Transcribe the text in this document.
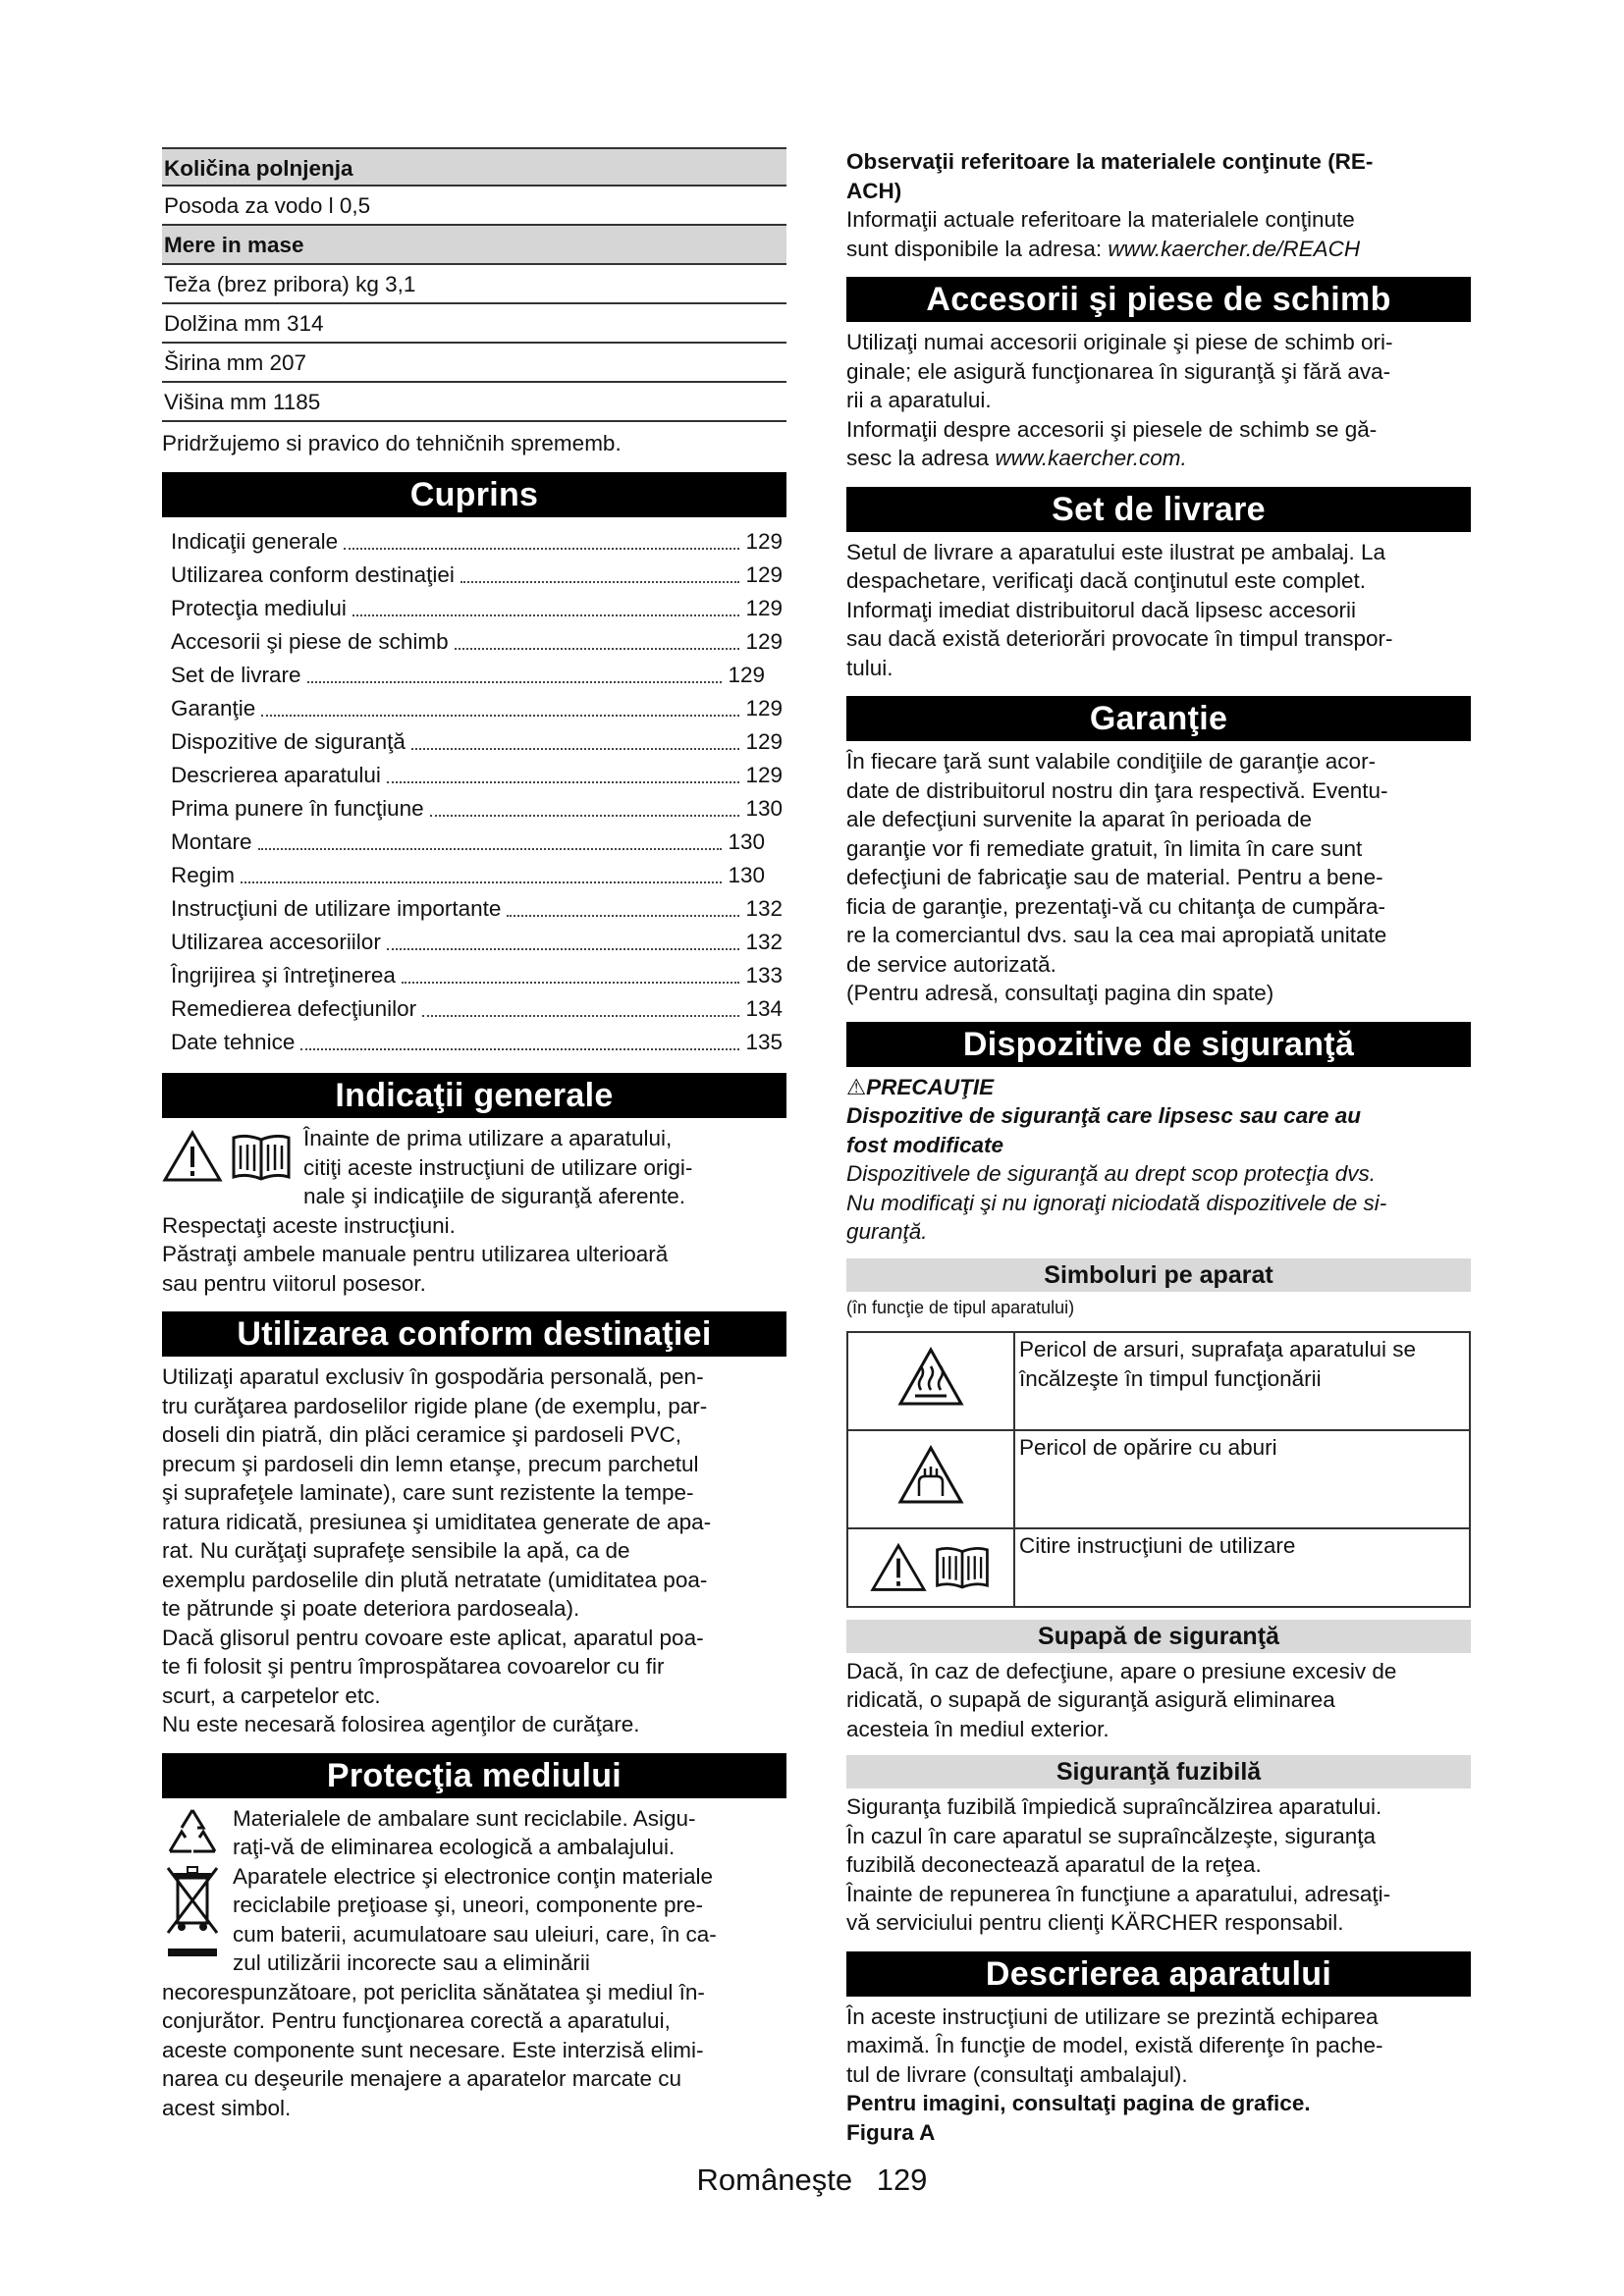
Količina polnjenja
Posoda za vodo l 0,5
Mere in mase
Teža (brez pribora) kg 3,1
Dolžina mm 314
Širina mm 207
Višina mm 1185
Pridržujemo si pravico do tehničnih sprememb.
Cuprins
Indicaţii generale	129
Utilizarea conform destinaţiei	129
Protecţia mediului	129
Accesorii şi piese de schimb	129
Set de livrare	129
Garanţie	129
Dispozitive de siguranţă	129
Descrierea aparatului	129
Prima punere în funcţiune	130
Montare	130
Regim	130
Instrucţiuni de utilizare importante	132
Utilizarea accesoriilor	132
Îngrijirea şi întreţinerea	133
Remedierea defecţiunilor	134
Date tehnice	135
Indicaţii generale

Înainte de prima utilizare a aparatului,

citiţi aceste instrucţiuni de utilizare origi-

nale şi indicaţiile de siguranţă aferente.

Respectaţi aceste instrucţiuni.

Păstraţi ambele manuale pentru utilizarea ulterioară

sau pentru viitorul posesor.

Utilizarea conform destinaţiei

Utilizaţi aparatul exclusiv în gospodăria personală, pen-

tru curăţarea pardoselilor rigide plane (de exemplu, par-

doseli din piatră, din plăci ceramice şi pardoseli PVC,

precum şi pardoseli din lemn etanşe, precum parchetul

şi suprafeţele laminate), care sunt rezistente la tempe-

ratura ridicată, presiunea şi umiditatea generate de apa-

rat. Nu curăţaţi suprafeţe sensibile la apă, ca de

exemplu pardoselile din plută netratate (umiditatea poa-

te pătrunde şi poate deteriora pardoseala).

Dacă glisorul pentru covoare este aplicat, aparatul poa-

te fi folosit şi pentru împrospătarea covoarelor cu fir

scurt, a carpetelor etc.

Nu este necesară folosirea agenţilor de curăţare.

Protecţia mediului

Materialele de ambalare sunt reciclabile. Asigu-

raţi-vă de eliminarea ecologică a ambalajului.

Aparatele electrice şi electronice conţin materiale

reciclabile preţioase şi, uneori, componente pre-

cum baterii, acumulatoare sau uleiuri, care, în ca-

zul utilizării incorecte sau a eliminării

necorespunzătoare, pot periclita sănătatea şi mediul în-

conjurător. Pentru funcţionarea corectă a aparatului,

aceste componente sunt necesare. Este interzisă elimi-

narea cu deşeurile menajere a aparatelor marcate cu

acest simbol.

Observaţii referitoare la materialele conţinute (RE-

ACH)

Informaţii actuale referitoare la materialele conţinute

sunt disponibile la adresa: www.kaercher.de/REACH

Accesorii şi piese de schimb

Utilizaţi numai accesorii originale şi piese de schimb ori-

ginale; ele asigură funcţionarea în siguranţă şi fără ava-

rii a aparatului.

Informaţii despre accesorii şi piesele de schimb se gă-

sesc la adresa www.kaercher.com.

Set de livrare

Setul de livrare a aparatului este ilustrat pe ambalaj. La

despachetare, verificaţi dacă conţinutul este complet.

Informaţi imediat distribuitorul dacă lipsesc accesorii

sau dacă există deteriorări provocate în timpul transpor-

tului.

Garanţie

În fiecare ţară sunt valabile condiţiile de garanţie acor-

date de distribuitorul nostru din ţara respectivă. Eventu-

ale defecţiuni survenite la aparat în perioada de

garanţie vor fi remediate gratuit, în limita în care sunt

defecţiuni de fabricaţie sau de material. Pentru a bene-

ficia de garanţie, prezentaţi-vă cu chitanţa de cumpăra-

re la comerciantul dvs. sau la cea mai apropiată unitate

de service autorizată.

(Pentru adresă, consultaţi pagina din spate)

Dispozitive de siguranţă

⚠PRECAUŢIE

Dispozitive de siguranţă care lipsesc sau care au

fost modificate

Dispozitivele de siguranţă au drept scop protecţia dvs.

Nu modificaţi şi nu ignoraţi niciodată dispozitivele de si-

guranţă.

Simboluri pe aparat

(în funcţie de tipul aparatului)

Pericol de arsuri, suprafaţa aparatului se
încălzeşte în timpul funcţionării

Pericol de opărire cu aburi

Citire instrucţiuni de utilizare
Supapă de siguranţă

Dacă, în caz de defecţiune, apare o presiune excesiv de

ridicată, o supapă de siguranţă asigură eliminarea

acesteia în mediul exterior.

Siguranţă fuzibilă

Siguranţa fuzibilă împiedică supraîncălzirea aparatului.

În cazul în care aparatul se supraîncălzeşte, siguranţa

fuzibilă deconectează aparatul de la reţea.

Înainte de repunerea în funcţiune a aparatului, adresaţi-

vă serviciului pentru clienţi KÄRCHER responsabil.

Descrierea aparatului

În aceste instrucţiuni de utilizare se prezintă echiparea

maximă. În funcţie de model, există diferenţe în pache-

tul de livrare (consultaţi ambalajul).

Pentru imagini, consultaţi pagina de grafice.

Figura A

Româneşte 129
